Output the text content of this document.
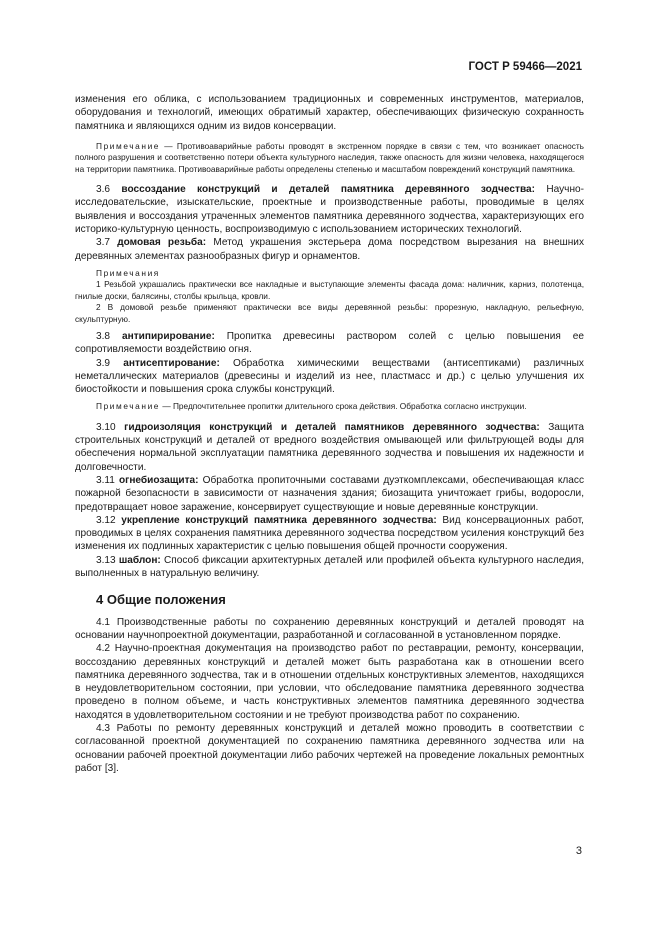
ГОСТ Р 59466—2021

изменения его облика, с использованием традиционных и современных инструментов, материалов, оборудования и технологий, имеющих обратимый характер, обеспечивающих физическую сохранность памятника и являющихся одним из видов консервации.

Примечание — Противоаварийные работы проводят в экстренном порядке в связи с тем, что возникает опасность полного разрушения и соответственно потери объекта культурного наследия, также опасность для жизни человека, находящегося на территории памятника. Противоаварийные работы определены степенью и масштабом повреждений конструкций памятника.

3.6 воссоздание конструкций и деталей памятника деревянного зодчества: Научно-исследовательские, изыскательские, проектные и производственные работы, проводимые в целях выявления и воссоздания утраченных элементов памятника деревянного зодчества, характеризующих его историко-культурную ценность, воспроизводимую с использованием исторических технологий.

3.7 домовая резьба: Метод украшения экстерьера дома посредством вырезания на внешних деревянных элементах разнообразных фигур и орнаментов.

Примечания

1 Резьбой украшались практически все накладные и выступающие элементы фасада дома: наличник, карниз, полотенца, гнилые доски, балясины, столбы крыльца, кровли.

2 В домовой резьбе применяют практически все виды деревянной резьбы: прорезную, накладную, рельефную, скульптурную.

3.8 антипирирование: Пропитка древесины раствором солей с целью повышения ее сопротивляемости воздействию огня.

3.9 антисептирование: Обработка химическими веществами (антисептиками) различных неметаллических материалов (древесины и изделий из нее, пластмасс и др.) с целью улучшения их биостойкости и повышения срока службы конструкций.

Примечание — Предпочтительнее пропитки длительного срока действия. Обработка согласно инструкции.

3.10 гидроизоляция конструкций и деталей памятников деревянного зодчества: Защита строительных конструкций и деталей от вредного воздействия омывающей или фильтрующей воды для обеспечения нормальной эксплуатации памятника деревянного зодчества и повышения их надежности и долговечности.

3.11 огнебиозащита: Обработка пропиточными составами дуэткомплексами, обеспечивающая класс пожарной безопасности в зависимости от назначения здания; биозащита уничтожает грибы, водоросли, предотвращает новое заражение, консервирует существующие и новые деревянные конструкции.

3.12 укрепление конструкций памятника деревянного зодчества: Вид консервационных работ, проводимых в целях сохранения памятника деревянного зодчества посредством усиления конструкций без изменения их подлинных характеристик с целью повышения общей прочности сооружения.

3.13 шаблон: Способ фиксации архитектурных деталей или профилей объекта культурного наследия, выполненных в натуральную величину.

4 Общие положения

4.1 Производственные работы по сохранению деревянных конструкций и деталей проводят на основании научнопроектной документации, разработанной и согласованной в установленном порядке.

4.2 Научно-проектная документация на производство работ по реставрации, ремонту, консервации, воссозданию деревянных конструкций и деталей может быть разработана как в отношении всего памятника деревянного зодчества, так и в отношении отдельных конструктивных элементов, находящихся в неудовлетворительном состоянии, при условии, что обследование памятника деревянного зодчества проведено в полном объеме, и часть конструктивных элементов памятника деревянного зодчества находятся в удовлетворительном состоянии и не требуют производства работ по сохранению.

4.3 Работы по ремонту деревянных конструкций и деталей можно проводить в соответствии с согласованной проектной документацией по сохранению памятника деревянного зодчества или на основании рабочей проектной документации либо рабочих чертежей на проведение локальных ремонтных работ [3].

3
